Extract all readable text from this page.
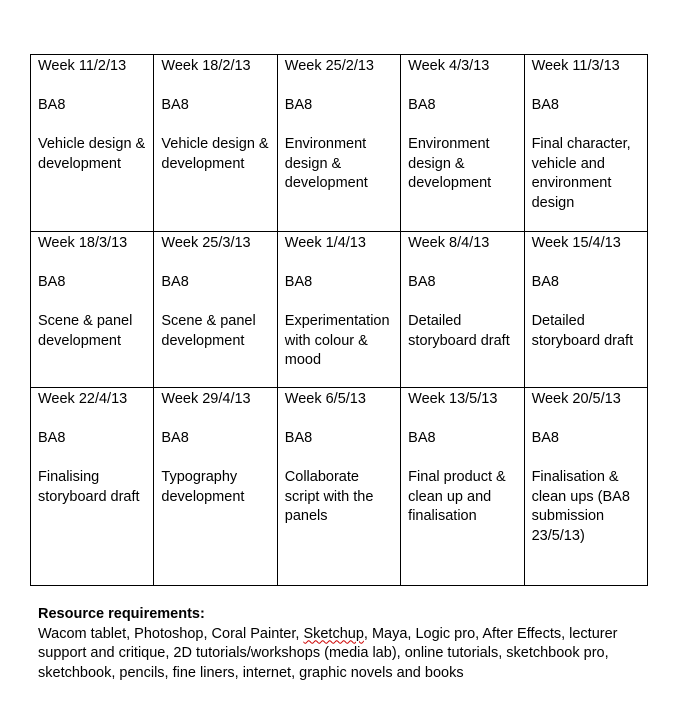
Week 11/2/13
BA8
Vehicle design & development	Week 18/2/13
BA8
Vehicle design & development	Week 25/2/13
BA8
Environment design & development	Week 4/3/13
BA8
Environment design & development	Week 11/3/13
BA8
Final character, vehicle and environment design

Week 18/3/13
BA8
Scene & panel development	Week 25/3/13
BA8
Scene & panel development	Week 1/4/13
BA8
Experimentation with colour & mood	Week 8/4/13
BA8
Detailed storyboard draft	Week 15/4/13
BA8
Detailed storyboard draft

Week 22/4/13
BA8
Finalising storyboard draft	Week 29/4/13
BA8
Typography development	Week 6/5/13
BA8
Collaborate script with the panels	Week 13/5/13
BA8
Final product & clean up and finalisation	Week 20/5/13
BA8
Finalisation & clean ups (BA8 submission 23/5/13)
Resource requirements:
Wacom tablet, Photoshop, Coral Painter, Sketchup, Maya, Logic pro, After Effects, lecturer support and critique, 2D tutorials/workshops (media lab), online tutorials, sketchbook pro, sketchbook, pencils, fine liners, internet, graphic novels and books
